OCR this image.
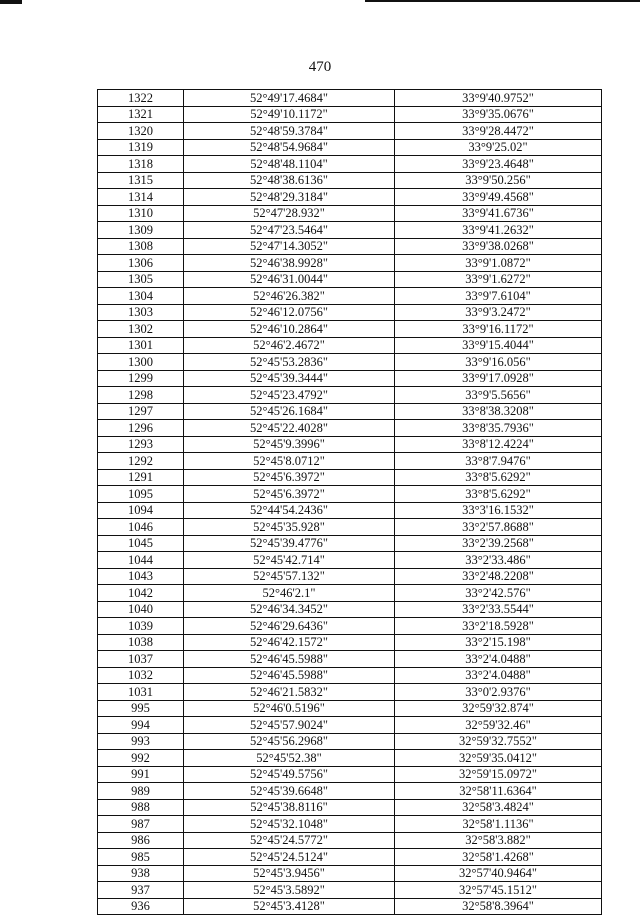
470
1322	52°49'17.4684"	33°9'40.9752"
1321	52°49'10.1172"	33°9'35.0676"
1320	52°48'59.3784"	33°9'28.4472"
1319	52°48'54.9684"	33°9'25.02"
1318	52°48'48.1104"	33°9'23.4648"
1315	52°48'38.6136"	33°9'50.256"
1314	52°48'29.3184"	33°9'49.4568"
1310	52°47'28.932"	33°9'41.6736"
1309	52°47'23.5464"	33°9'41.2632"
1308	52°47'14.3052"	33°9'38.0268"
1306	52°46'38.9928"	33°9'1.0872"
1305	52°46'31.0044"	33°9'1.6272"
1304	52°46'26.382"	33°9'7.6104"
1303	52°46'12.0756"	33°9'3.2472"
1302	52°46'10.2864"	33°9'16.1172"
1301	52°46'2.4672"	33°9'15.4044"
1300	52°45'53.2836"	33°9'16.056"
1299	52°45'39.3444"	33°9'17.0928"
1298	52°45'23.4792"	33°9'5.5656"
1297	52°45'26.1684"	33°8'38.3208"
1296	52°45'22.4028"	33°8'35.7936"
1293	52°45'9.3996"	33°8'12.4224"
1292	52°45'8.0712"	33°8'7.9476"
1291	52°45'6.3972"	33°8'5.6292"
1095	52°45'6.3972"	33°8'5.6292"
1094	52°44'54.2436"	33°3'16.1532"
1046	52°45'35.928"	33°2'57.8688"
1045	52°45'39.4776"	33°2'39.2568"
1044	52°45'42.714"	33°2'33.486"
1043	52°45'57.132"	33°2'48.2208"
1042	52°46'2.1"	33°2'42.576"
1040	52°46'34.3452"	33°2'33.5544"
1039	52°46'29.6436"	33°2'18.5928"
1038	52°46'42.1572"	33°2'15.198"
1037	52°46'45.5988"	33°2'4.0488"
1032	52°46'45.5988"	33°2'4.0488"
1031	52°46'21.5832"	33°0'2.9376"
995	52°46'0.5196"	32°59'32.874"
994	52°45'57.9024"	32°59'32.46"
993	52°45'56.2968"	32°59'32.7552"
992	52°45'52.38"	32°59'35.0412"
991	52°45'49.5756"	32°59'15.0972"
989	52°45'39.6648"	32°58'11.6364"
988	52°45'38.8116"	32°58'3.4824"
987	52°45'32.1048"	32°58'1.1136"
986	52°45'24.5772"	32°58'3.882"
985	52°45'24.5124"	32°58'1.4268"
938	52°45'3.9456"	32°57'40.9464"
937	52°45'3.5892"	32°57'45.1512"
936	52°45'3.4128"	32°58'8.3964"
